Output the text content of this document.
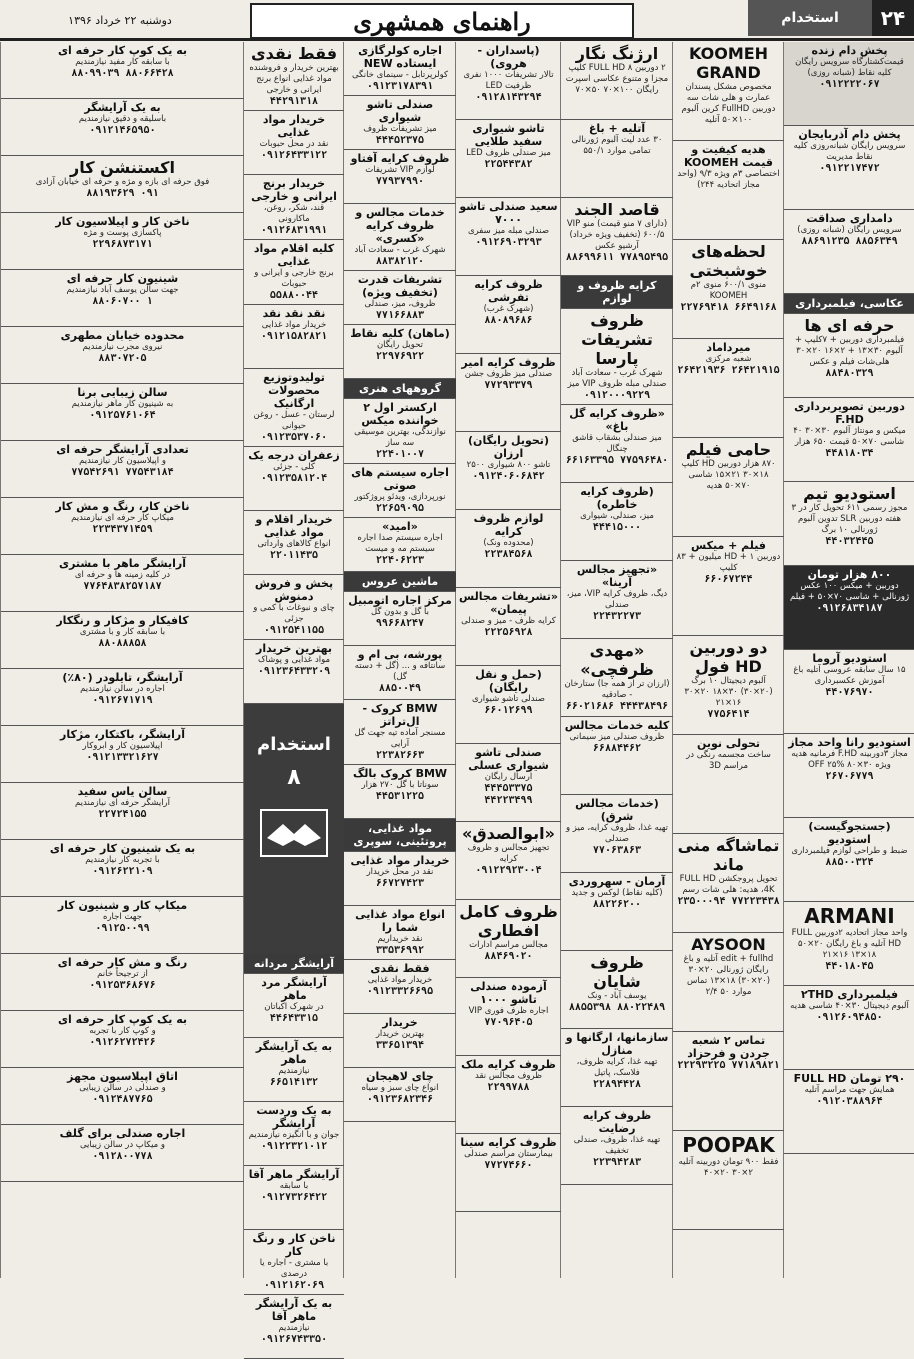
۲۴
استخدام
راهنمای همشهری
دوشنبه ۲۲ خرداد ۱۳۹۶
پخش دام زنده
قیمت‌کشتارگاه سرویس رایگان کلیه نقاط (شبانه روزی)
۰۹۱۲۲۲۲۰۶۷
پخش دام آذربایجان
سرویس رایگان شبانه‌روزی کلیه نقاط مدیریت
۰۹۱۲۲۱۷۴۷۲
دامداری صداقت
سرویس رایگان (شبانه روزی)
۸۸۶۹۱۲۳۵ ۸۸۵۶۳۴۹
عکاسی، فیلمبرداری
حرفه ای ها
فیلمبرداری دوربین + ۷کلیپ + آلبوم ۳۰×۱۳ + ۲×۱۶ ۲۰×۳۰ هلی‌شات فیلم و عکس
۸۸۴۸۰۳۲۹
دوربین تصویربرداری F.HD
میکس و مونتاژ آلبوم ۳۰×۳۰ ۴۰ شاسی ۷۰×۵۰ قیمت ۶۵۰ هزار
۴۴۸۱۸۰۳۴
استودیو تیم
مجوز رسمی ۶۱۱ تحویل کار در ۳ هفته دوربین SLR تدوین آلبوم ژورنالی ۱۰ برگ
۴۴۰۳۲۴۴۵
۸۰۰ هزار تومان
دوربین + میکس ۱۰۰ عکس ژورنالی + شاسی ۷۰×۵۰ + فیلم
۰۹۱۲۶۸۳۴۱۸۷
استودیو آروما
۱۵ سال سابقه عروسی آتلیه باغ آموزش عکسبرداری
۴۴۰۷۶۹۷۰
استودیو رانا واحد مجاز
مجاز ۳دوربینه F.HD فرمانیه هدیه ویژه ۳۰×۸۰ OFF ۲۵%
۲۶۷۰۶۷۷۹
(جستجوگیست) استودیو
ضبط و طراحی لوازم فیلمبرداری
۸۸۵۰۰۳۲۴
ARMANI
واحد مجاز اتحادیه ۲دوربین FULL HD آتلیه و باغ رایگان ۲۰×۵۰ ۱۸×۱۳ ۱۶×۲۱
۴۴۰۱۸۰۴۵
فیلمبرداری ۲THD
آلبوم دیجیتال ۳۰×۴۰ شاسی هدیه
۰۹۱۲۶۰۹۴۸۵۰
۲۹۰ تومان FULL HD
همایش جهت مراسم آتلیه
۰۹۱۲۰۳۸۸۹۶۴
KOOMEH GRAND
مخصوص مشکل پسندان عمارت و هلی شات سه دوربین FullHD کرین آلبوم ۱۰۰×۵۰ آتلیه
هدیه کیفیت و قیمت KOOMEH
اختصاصی ۳م ویژه ۹/۳ (واحد مجاز اتحادیه ۲۴۴)
لحظه‌های خوشبختی
منوی ۶۰۰/۱ منوی ۲م KOOMEH
۲۲۷۶۹۴۱۸ ۶۶۴۹۱۶۸
میرداماد
شعبه مرکزی
۲۶۴۲۱۹۳۶ ۲۶۴۲۱۹۱۵
حامی فیلم
۸۷۰ هزار دوربین HD کلیپ ۱۸×۳۰ ۲۱×۱۵ شاسی ۷۰×۵۰ هدیه
فیلم + میکس
دوربین HD + ۱ میلیون + ۸۳ کلیپ
۶۶۰۶۷۲۴۴
دو دوربین HD فول
آلبوم دیجیتال ۱۰ برگ (۲۰×۳۰) ۳۰×۱۸ ۲۰×۳۰ ۱۶×۲۱
۷۷۵۶۴۱۴
تحولی نوین
ساخت مجسمه رنگی در مراسم 3D
تماشاگه منی ماند
تحویل پروجکشن FULL HD ،4K هدیه: هلی شات رسم
۲۳۵۰۰۰۹۴ ۷۷۲۲۳۴۳۸
AYSOON
edit + fullhd آتلیه و باغ رایگان ژورنالی ۲۰×۳۰ (۲۰×۳۰) ۱۸×۱۳ تماس موارد ۵۰ ۲/۴
تماس ۲ شعبه جردن و فرحزاد
۲۲۲۹۳۲۲۵ ۷۷۱۸۹۸۲۱
POOPAK
فقط ۹۰۰ تومان دوربینه آتلیه ۲×۳۰ ۲۰×۴۰
ارژنگ نگار
۲ دوربین FULL HD ۸ کلیپ مجزا و متنوع عکاسی اسپرت رایگان ۱۰۰×۷۰ ۵۰×۷۰
آتلیه + باغ
۳۰ عدد لیت آلبوم ژورنالی تمامی موارد ۵۵۰/۱
قاصد الجند
(دارای ۷ منو قیمت) منو VIP ۶۰۰/۵ (تخفیف ویژه خرداد) آرشیو عکس
۸۸۶۹۹۶۱۱ ۷۷۸۹۵۴۹۵
کرایه ظروف و لوازم
ظروف تشریفات پارسا
شهرک غرب - سعادت آباد صندلی مبله ظروف VIP میز
۰۹۱۲۰۰۰۹۲۲۹
«ظروف کرایه گل باغ»
میز صندلی بشقاب قاشق چنگال
۶۶۱۶۳۳۹۵ ۷۷۵۹۶۴۸۰
(ظروف کرایه خاطره)
میز، صندلی، شیواری
۴۴۴۱۵۰۰۰
«تجهیز مجالس آرینا»
دیگ، ظروف کرایه VIP، میز، صندلی
۲۲۴۳۲۲۷۳
«مهدی ظرفچی»
(ارزان تر از همه جا) ستارخان - صادقیه
۶۶۰۲۱۶۸۶ ۴۴۴۳۸۴۹۶
کلیه خدمات مجالس
ظروف صندلی میز سیمانی
۶۶۸۸۴۴۶۲
(خدمات مجالس شرق)
تهیه غذا، ظروف کرایه، میز و صندلی
۷۷۰۶۳۸۶۳
آرمان - سهروردی
(کلیه نقاط) لوکس و جدید
۸۸۲۲۶۲۰۰
ظروف شایان
یوسف آباد - ونک
۸۸۵۵۳۹۸ ۸۸۰۲۲۴۸۹
سازمانها، ارگانها و منازل
تهیه غذا، کرایه ظروف، فلاسک، پاتیل
۲۲۸۹۴۴۲۸
ظروف کرایه رضایت
تهیه غذا، ظروف، صندلی تخفیف
۲۲۳۹۴۲۸۳
(پاسداران - هروی)
تالار تشریفات ۱۰۰۰ نفری ظرفیت LED
۰۹۱۲۸۱۴۳۲۹۴
تاشو شیواری سفید طلایی
میز صندلی ظروف LED
۲۲۵۴۴۳۸۲
سعید صندلی تاشو ۷۰۰۰
صندلی مبله میز سفری
۰۹۱۲۶۹۰۳۲۹۳
ظروف کرایه تفرشی
(شهرک غرب)
۸۸۰۸۹۶۸۶
ظروف کرایه امیر
صندلی میز ظروف جشن
۷۷۲۹۳۳۷۹
(تحویل رایگان) ارزان
تاشو ۸۰۰ شیواری ۲۵۰۰
۰۹۱۲۴۰۶۰۶۸۴۲
لوازم ظروف کرایه
(محدوده ونک)
۲۲۳۸۴۵۶۸
«تشریفات مجالس پیمان»
کرایه ظرف - میز و صندلی
۲۲۲۵۶۹۲۸
(حمل و نقل رایگان)
صندلی تاشو شیواری
۶۶۰۱۲۶۹۹
صندلی تاشو شیواری عسلی
ارسال رایگان
۴۴۴۵۳۳۷۵ ۴۴۲۲۳۴۹۹
«ابوالصدق»
تجهیز مجالس و ظروف کرایه
۰۹۱۲۲۹۲۳۰۰۴
ظروف کامل افطاری
مجالس مراسم ادارات
۸۸۴۶۹۰۲۰
آزمودہ صندلی تاشو ۱۰۰۰
اجاره ظرف فوری VIP
۷۷۰۹۶۴۰۵
ظروف کرایه ملک
ظروف مجالس نقد
۲۲۹۹۷۸۸
ظروف کرایه سینا
بیمارستان مراسم صندلی
۷۷۲۷۴۶۶۰
اجاره کولرگازی ایستاده NEW
کولرپرتابل - سینمای خانگی
۰۹۱۲۳۱۷۸۳۹۱
صندلی تاشو شیواری
میز تشریفات ظروف
۴۴۴۵۲۳۷۵
ظروف کرایه آفتاو
لوازم VIP تشریفات
۷۷۹۳۷۹۹۰
خدمات مجالس و ظروف کرایه «کسری»
شهرک غرب - سعادت آباد
۸۸۳۸۲۱۲۰
تشریفات قدرت (تخفیف ویژه)
ظروف، میز، صندلی
۷۷۱۶۶۸۸۳
(ماهان) کلیه نقاط
تحویل رایگان
۲۲۹۷۶۹۲۲
گروههای هنری
ارکستر اول ۲ خواننده میکس
نوازندگی، بهترین موسیقی سه ساز
۲۲۴۰۱۰۰۷
اجاره سیستم های صوتی
نورپردازی، ویدئو پروژکتور
۲۲۶۵۹۰۹۵
«امید»
اجاره سیستم صدا اجاره سیستم مه و میست
۲۲۴۰۶۲۲۳
ماشین عروس
مرکز اجاره اتومبیل
با گل و بدون گل
۹۹۶۶۸۲۴۷
پورشه، بی ام و
سانتافه و ... (گل + دسته گل)
۸۸۵۰۰۴۹
BMW کروک - ال‌تراتز
مسنجر آماده تیه جهت گل آرایی
۲۲۳۸۲۶۶۳
BMW کروک بالگ
سوناتا با گل ۲۷۰ هزار
۴۴۵۳۱۲۲۵
مواد غذایی، پروتئینی، سوپری
خریدار مواد غذایی
نقد در محل خریدار
۶۶۷۲۷۴۲۳
انواع مواد غذایی شما را
نقد خریداریم
۳۳۵۳۶۹۹۲
فقط نقدی
خریدار مواد غذایی
۰۹۱۲۳۳۲۶۶۹۵
خریدار
بهترین خریدار
۳۳۶۵۱۳۹۴
چای لاهیجان
انواع چای سبز و سیاه
۰۹۱۲۳۶۸۲۳۴۶
فقط نقدی
بهترین خریدار و فروشنده مواد غذایی انواع برنج ایرانی و خارجی
۴۴۲۹۱۳۱۸
خریدار مواد غذایی
نقد در محل حبوبات
۰۹۱۲۶۴۳۳۱۲۲
خریدار برنج ایرانی و خارجی
قند، شکر، روغن، ماکارونی
۰۹۱۲۶۸۳۱۹۹۱
کلیه اقلام مواد غذایی
برنج خارجی و ایرانی و حبوبات
۵۵۸۸۰۰۴۴
نقد نقد نقد
خریدار مواد غذایی
۰۹۱۲۱۵۸۲۸۲۱
تولیدوتوزیع محصولات ارگانیک
لرستان - عسل - روغن حیوانی
۰۹۱۲۳۵۳۷۰۶۰
زعفران درجه یک
کلی - جزئی
۰۹۱۲۳۵۸۱۲۰۴
خریدار اقلام و مواد غذایی
انواع کالاهای وارداتی
۲۲۰۱۱۴۳۵
پخش و فروش دمنوش
چای و نبوغات با کمی و جزئی
۰۹۱۲۵۴۱۱۵۵
بهترین خریدار
مواد غذایی و پوشاک
۰۹۱۲۳۶۴۳۳۲۰۹
استخدام
۸
آرایشگر مردانه
آرایشگر مرد ماهر
در شهرک اکباتان
۴۴۶۴۳۳۱۵
به یک آرایشگر ماهر
نیازمندیم
۶۶۵۱۴۱۳۲
به یک وردست آرایشگر
جوان و با انگیزه نیازمندیم
۰۹۱۲۲۳۲۱۰۱۲
آرایشگر ماهر آقا
با سابقه
۰۹۱۲۷۳۲۶۴۲۲
ناخن کار و رنگ کار
با مشتری - اجاره یا درصدی
۰۹۱۲۱۶۲۰۶۹
به یک آرایشگر ماهر آقا
نیازمندیم
۰۹۱۲۶۷۴۳۳۵۰
به یک کوپ کار حرفه ای
با سابقه کار مفید نیازمندیم
۸۸۰۹۹۰۳۹ ۸۸۰۶۶۴۲۸
به یک آرایشگر
باسلیقه و دقیق نیازمندیم
۰۹۱۲۱۴۶۵۹۵۰
اکستنشن کار
فوق حرفه ای بازه و مژه و حرفه ای خیابان آزادی
۸۸۱۹۳۶۲۹ ۰۹۱
ناخن کار و اپیلاسیون کار
پاکسازی پوست و مژه
۲۲۹۶۸۷۳۱۷۱
شینیون کار حرفه ای
جهت سالن یوسف آباد نیازمندیم
۸۸۰۶۰۷۰۰ ۱
محدوده خیابان مطهری
نیروی مجرب نیازمندیم
۸۸۳۰۷۲۰۵
سالن زیبایی برنا
به شینیون کار ماهر نیازمندیم
۰۹۱۲۵۷۶۱۰۶۴
تعدادی آرایشگر حرفه ای
و اپیلاسیون کار نیازمندیم
۷۷۵۴۲۶۹۱ ۷۷۵۴۳۱۸۴
ناخن کار، رنگ و مش کار
میکاپ کار حرفه ای نیازمندیم
۲۲۳۴۳۷۱۴۵۹
آرایشگر ماهر با مشتری
در کلیه زمینه ها و حرفه ای
۷۷۶۴۸۳۸۲۵۷۱۸۷
کافیکار و مژکار و رنگکار
با سابقه کار و با مشتری
۸۸۰۸۸۸۵۸
آرایشگر، تایلودر (۸۰٪)
اجاره در سالن نیازمندیم
۰۹۱۲۶۷۱۷۱۹
آرایشگر، باکتکار، مژکار
اپیلاسیون کار و ابروکار
۰۹۱۲۱۳۳۲۱۶۲۷
سالن یاس سفید
آرایشگر حرفه ای نیازمندیم
۲۲۷۲۴۱۵۵
به یک شینیون کار حرفه ای
با تجربه کار نیازمندیم
۰۹۱۲۶۲۲۱۰۹
میکاپ کار و شینیون کار
جهت اجاره
۰۹۱۲۵۰۰۹۹
رنگ و مش کار حرفه ای
از ترجیحاً خانم
۰۹۱۲۵۳۶۸۶۷۶
به یک کوپ کار حرفه ای
و کوپ کار با تجربه
۰۹۱۲۶۲۷۲۴۲۶
اتاق اپیلاسیون مجهز
و صندلی در سالن زیبایی
۰۹۱۲۴۸۷۷۶۵
اجاره صندلی برای گلف
و میکاپ در سالن زیبایی
۰۹۱۲۸۰۰۷۷۸
